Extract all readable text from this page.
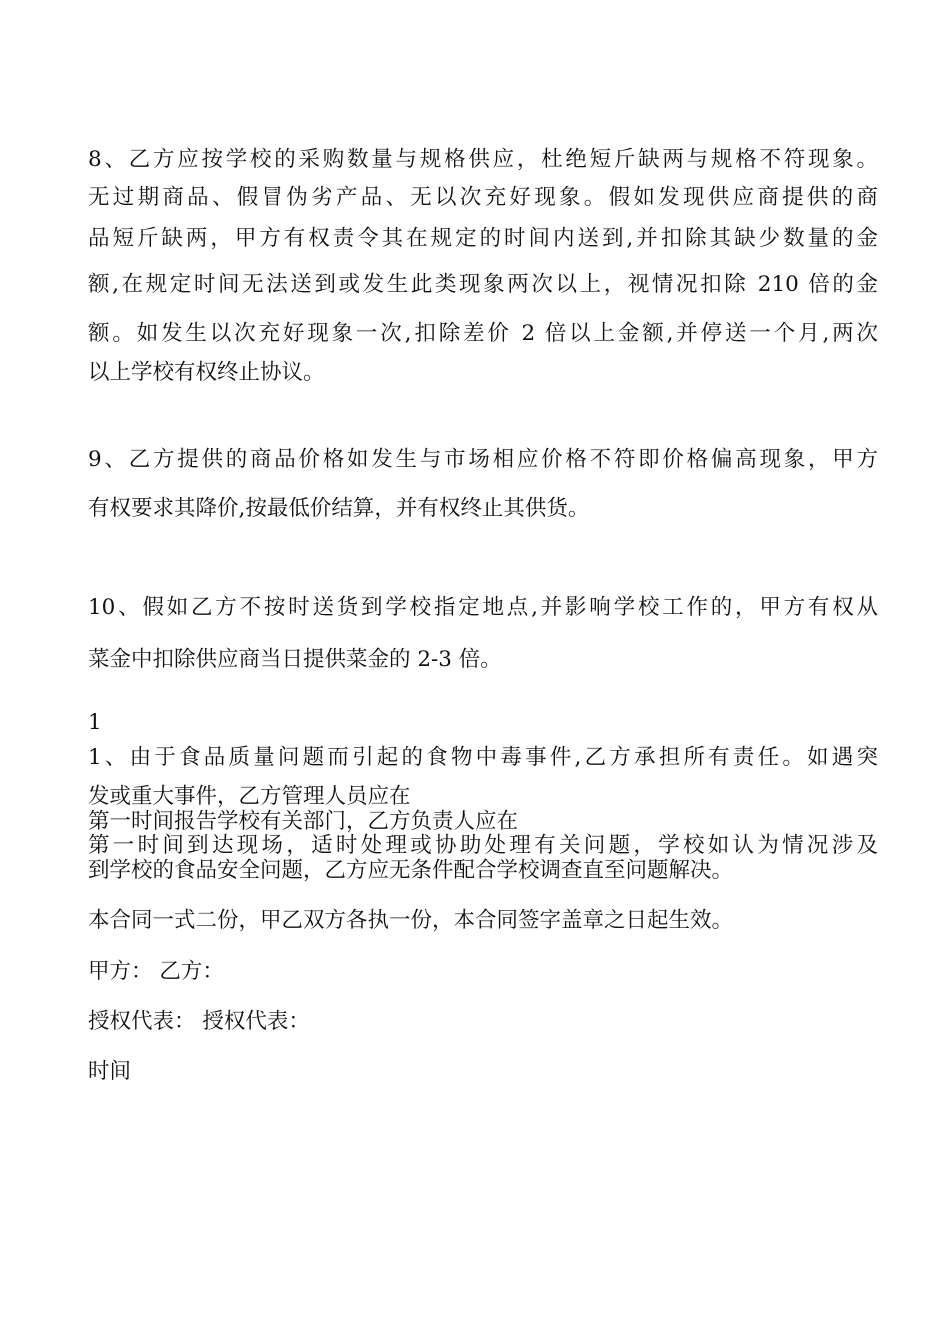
8、乙方应按学校的采购数量与规格供应，杜绝短斤缺两与规格不符现象。
无过期商品、假冒伪劣产品、无以次充好现象。假如发现供应商提供的商
品短斤缺两，甲方有权责令其在规定的时间内送到,并扣除其缺少数量的金
额,在规定时间无法送到或发生此类现象两次以上，视情况扣除 210 倍的金
额。如发生以次充好现象一次,扣除差价 2 倍以上金额,并停送一个月,两次
以上学校有权终止协议。
9、乙方提供的商品价格如发生与市场相应价格不符即价格偏高现象，甲方
有权要求其降价,按最低价结算，并有权终止其供货。
10、假如乙方不按时送货到学校指定地点,并影响学校工作的，甲方有权从
菜金中扣除供应商当日提供菜金的 2-3 倍。
1
1、由于食品质量问题而引起的食物中毒事件,乙方承担所有责任。如遇突
发或重大事件，乙方管理人员应在
第一时间报告学校有关部门，乙方负责人应在
第一时间到达现场，适时处理或协助处理有关问题，学校如认为情况涉及
到学校的食品安全问题，乙方应无条件配合学校调查直至问题解决。
本合同一式二份，甲乙双方各执一份，本合同签字盖章之日起生效。
甲方： 乙方：
授权代表： 授权代表：
时间
